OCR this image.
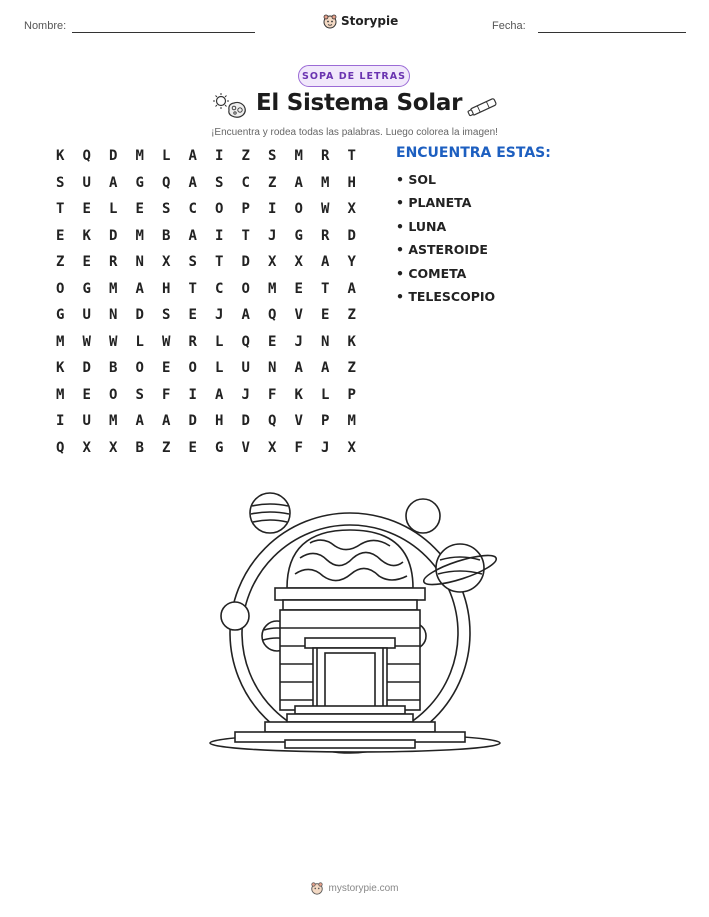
Nombre:	Storypie	Fecha:
SOPA DE LETRAS
El Sistema Solar
¡Encuentra y rodea todas las palabras. Luego colorea la imagen!
K	Q	D	M	L	A	I	Z	S	M	R	T
S	U	A	G	Q	A	S	C	Z	A	M	H
T	E	L	E	S	C	O	P	I	O	W	X
E	K	D	M	B	A	I	T	J	G	R	D
Z	E	R	N	X	S	T	D	X	X	A	Y
O	G	M	A	H	T	C	O	M	E	T	A
G	U	N	D	S	E	J	A	Q	V	E	Z
M	W	W	L	W	R	L	Q	E	J	N	K
K	D	B	O	E	O	L	U	N	A	A	Z
M	E	O	S	F	I	A	J	F	K	L	P
I	U	M	A	A	D	H	D	Q	V	P	M
Q	X	X	B	Z	E	G	V	X	F	J	X
ENCUENTRA ESTAS:
• SOL
• PLANETA
• LUNA
• ASTEROIDE
• COMETA
• TELESCOPIO
mystorypie.com
